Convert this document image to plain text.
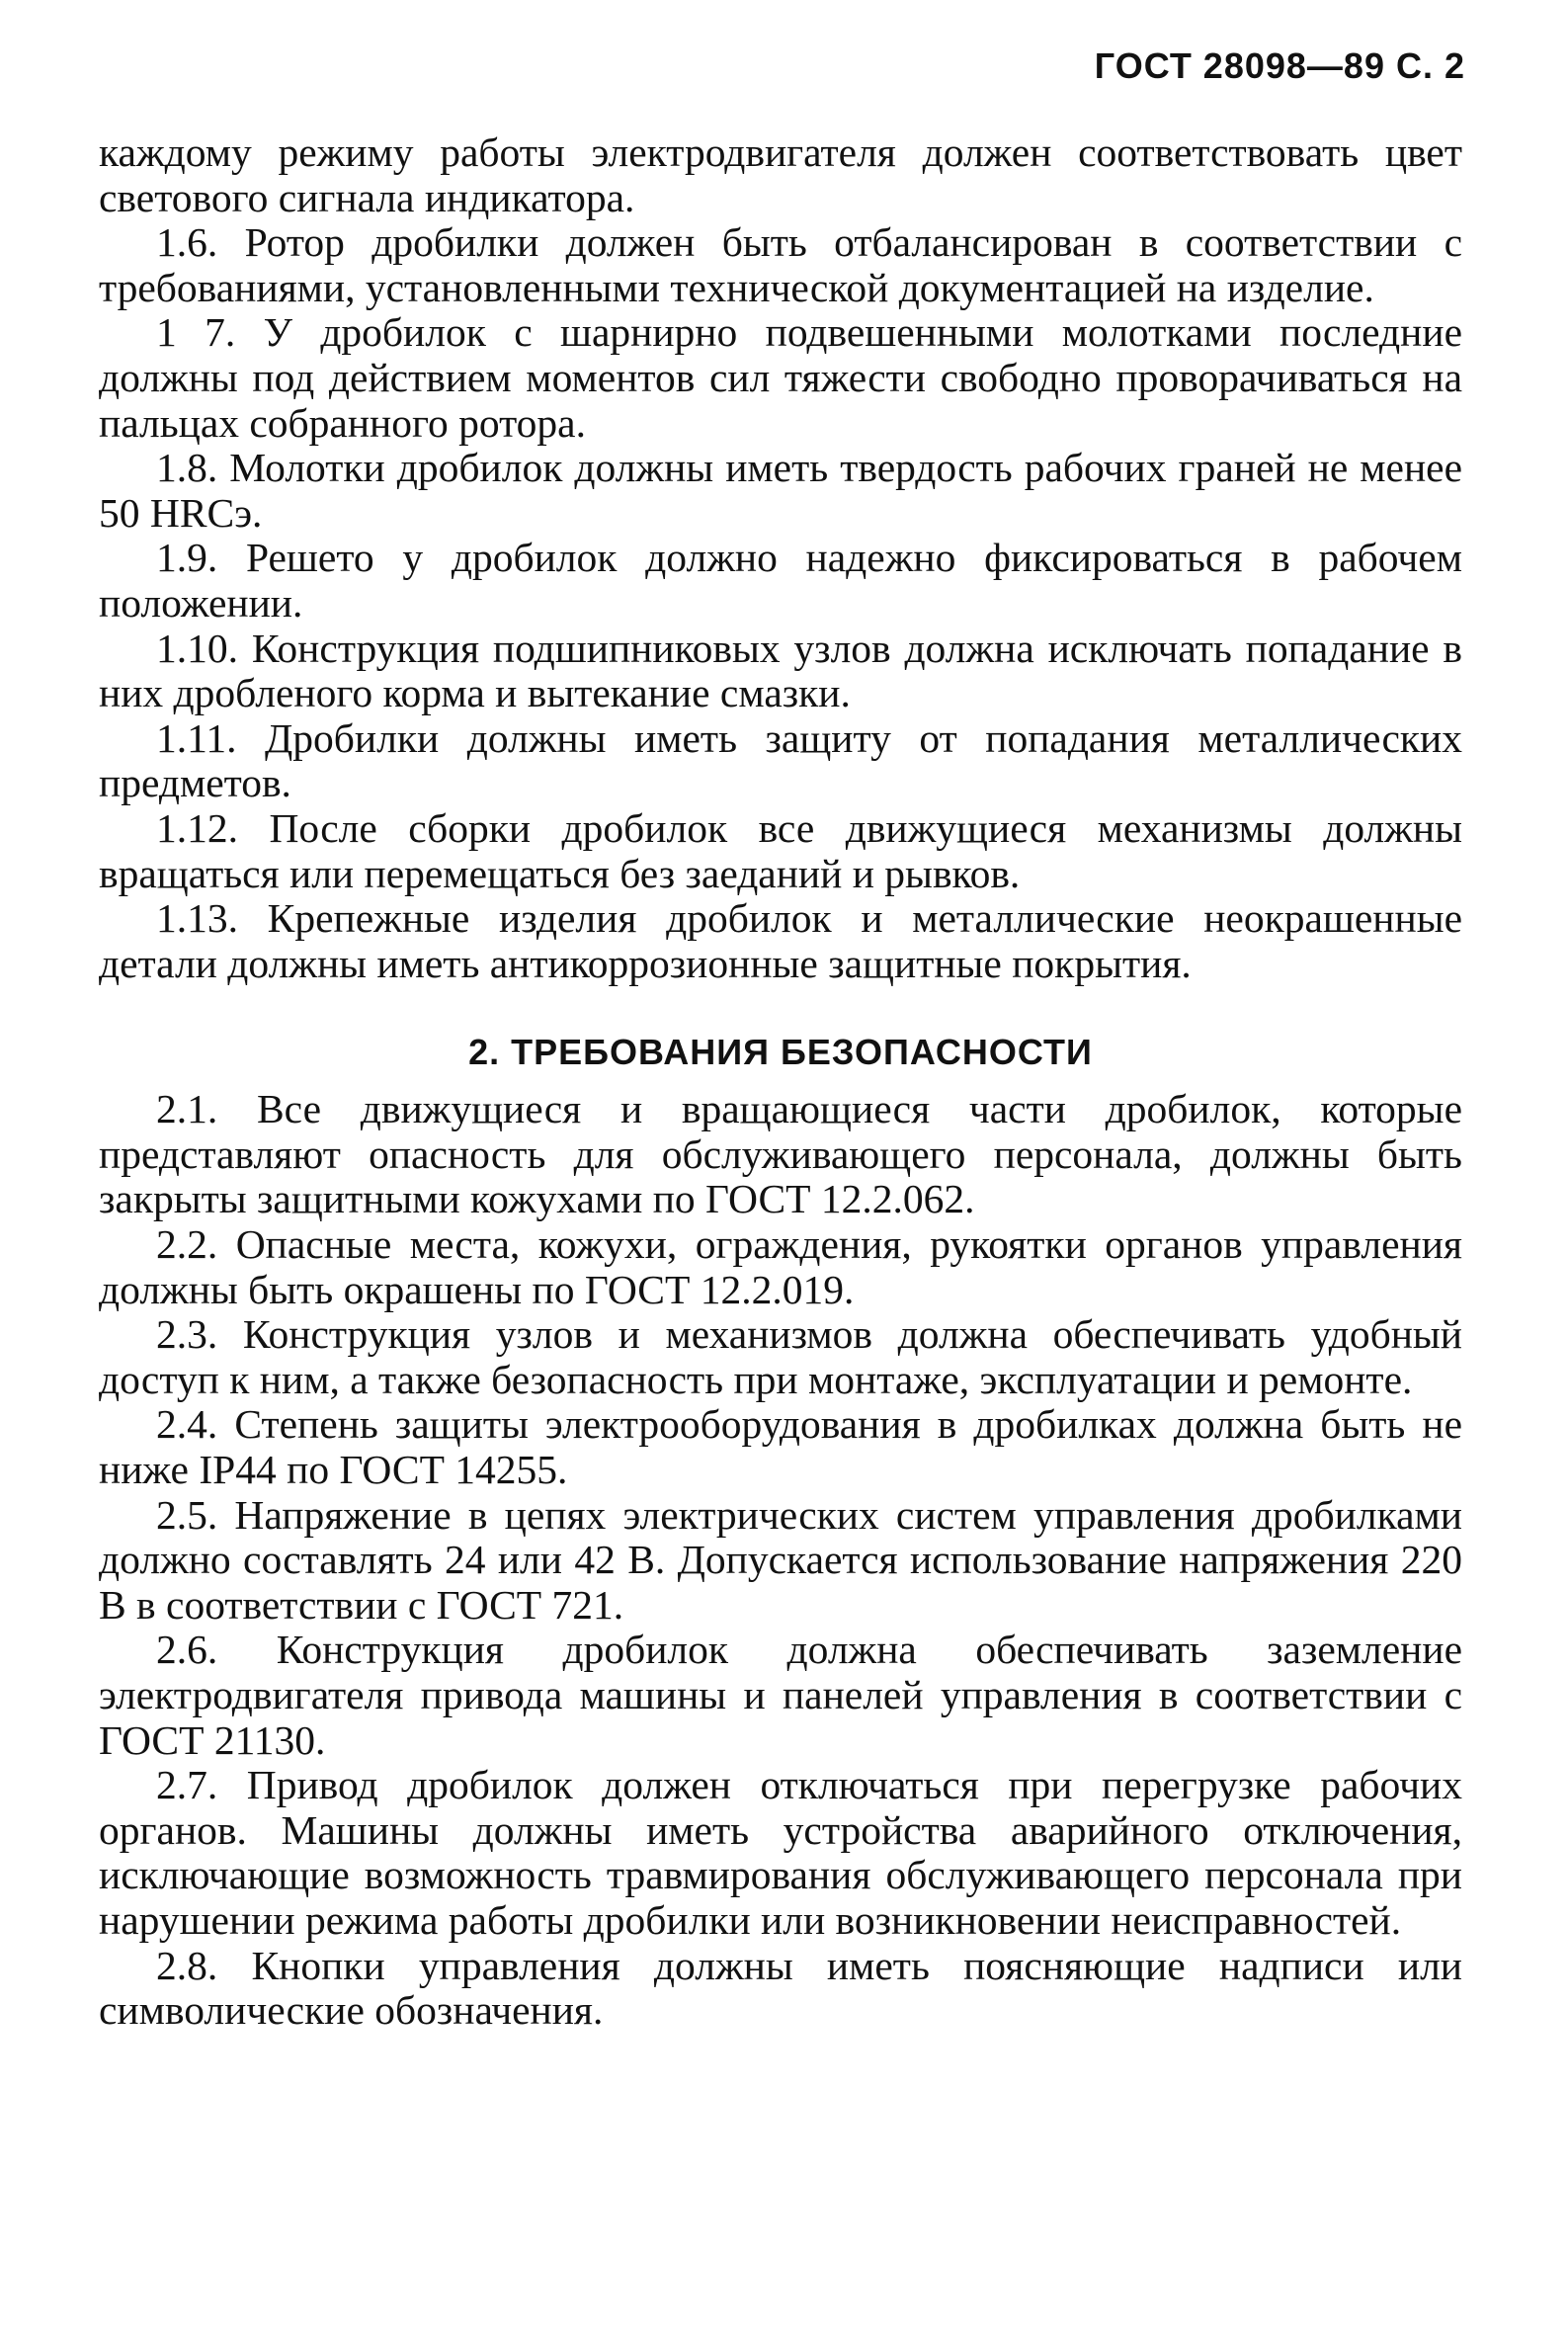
ГОСТ 28098—89 С. 2

каждому режиму работы электродвигателя должен соответствовать цвет светового сигнала индикатора.

1.6. Ротор дробилки должен быть отбалансирован в соответствии с требованиями, установленными технической документацией на изделие.

1 7. У дробилок с шарнирно подвешенными молотками последние должны под действием моментов сил тяжести свободно проворачиваться на пальцах собранного ротора.

1.8. Молотки дробилок должны иметь твердость рабочих граней не менее 50 HRCэ.

1.9. Решето у дробилок должно надежно фиксироваться в рабочем положении.

1.10. Конструкция подшипниковых узлов должна исключать попадание в них дробленого корма и вытекание смазки.

1.11. Дробилки должны иметь защиту от попадания металлических предметов.

1.12. После сборки дробилок все движущиеся механизмы должны вращаться или перемещаться без заеданий и рывков.

1.13. Крепежные изделия дробилок и металлические неокрашенные детали должны иметь антикоррозионные защитные покрытия.

2. ТРЕБОВАНИЯ БЕЗОПАСНОСТИ

2.1. Все движущиеся и вращающиеся части дробилок, которые представляют опасность для обслуживающего персонала, должны быть закрыты защитными кожухами по ГОСТ 12.2.062.

2.2. Опасные места, кожухи, ограждения, рукоятки органов управления должны быть окрашены по ГОСТ 12.2.019.

2.3. Конструкция узлов и механизмов должна обеспечивать удобный доступ к ним, а также безопасность при монтаже, эксплуатации и ремонте.

2.4. Степень защиты электрооборудования в дробилках должна быть не ниже IP44 по ГОСТ 14255.

2.5. Напряжение в цепях электрических систем управления дробилками должно составлять 24 или 42 В. Допускается использование напряжения 220 В в соответствии с ГОСТ 721.

2.6. Конструкция дробилок должна обеспечивать заземление электродвигателя привода машины и панелей управления в соответствии с ГОСТ 21130.

2.7. Привод дробилок должен отключаться при перегрузке рабочих органов. Машины должны иметь устройства аварийного отключения, исключающие возможность травмирования обслуживающего персонала при нарушении режима работы дробилки или возникновении неисправностей.

2.8. Кнопки управления должны иметь поясняющие надписи или символические обозначения.
